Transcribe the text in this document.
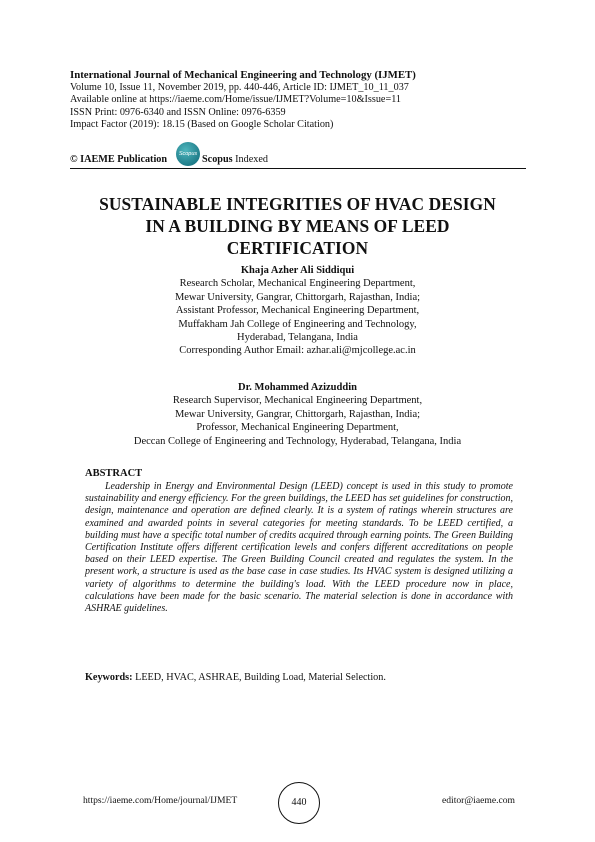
International Journal of Mechanical Engineering and Technology (IJMET)
Volume 10, Issue 11, November 2019, pp. 440-446, Article ID: IJMET_10_11_037
Available online at https://iaeme.com/Home/issue/IJMET?Volume=10&Issue=11
ISSN Print: 0976-6340 and ISSN Online: 0976-6359
Impact Factor (2019): 18.15 (Based on Google Scholar Citation)
© IAEME Publication	Scopus Scopus Indexed
SUSTAINABLE INTEGRITIES OF HVAC DESIGN
IN A BUILDING BY MEANS OF LEED
CERTIFICATION
Khaja Azher Ali Siddiqui
Research Scholar, Mechanical Engineering Department,
Mewar University, Gangrar, Chittorgarh, Rajasthan, India;
Assistant Professor, Mechanical Engineering Department,
Muffakham Jah College of Engineering and Technology,
Hyderabad, Telangana, India
Corresponding Author Email: azhar.ali@mjcollege.ac.in
Dr. Mohammed Azizuddin
Research Supervisor, Mechanical Engineering Department,
Mewar University, Gangrar, Chittorgarh, Rajasthan, India;
Professor, Mechanical Engineering Department,
Deccan College of Engineering and Technology, Hyderabad, Telangana, India
ABSTRACT
Leadership in Energy and Environmental Design (LEED) concept is used in this study to promote sustainability and energy efficiency. For the green buildings, the LEED has set guidelines for construction, design, maintenance and operation are defined clearly. It is a system of ratings wherein structures are examined and awarded points in several categories for meeting standards. To be LEED certified, a building must have a specific total number of credits acquired through earning points. The Green Building Certification Institute offers different certification levels and confers different accreditations on people based on their LEED expertise. The Green Building Council created and regulates the system. In the present work, a structure is used as the base case in case studies. Its HVAC system is designed utilizing a variety of algorithms to determine the building's load. With the LEED procedure now in place, calculations have been made for the basic scenario. The material selection is done in accordance with ASHRAE guidelines.
Keywords: LEED, HVAC, ASHRAE, Building Load, Material Selection.
https://iaeme.com/Home/journal/IJMET	440	editor@iaeme.com
